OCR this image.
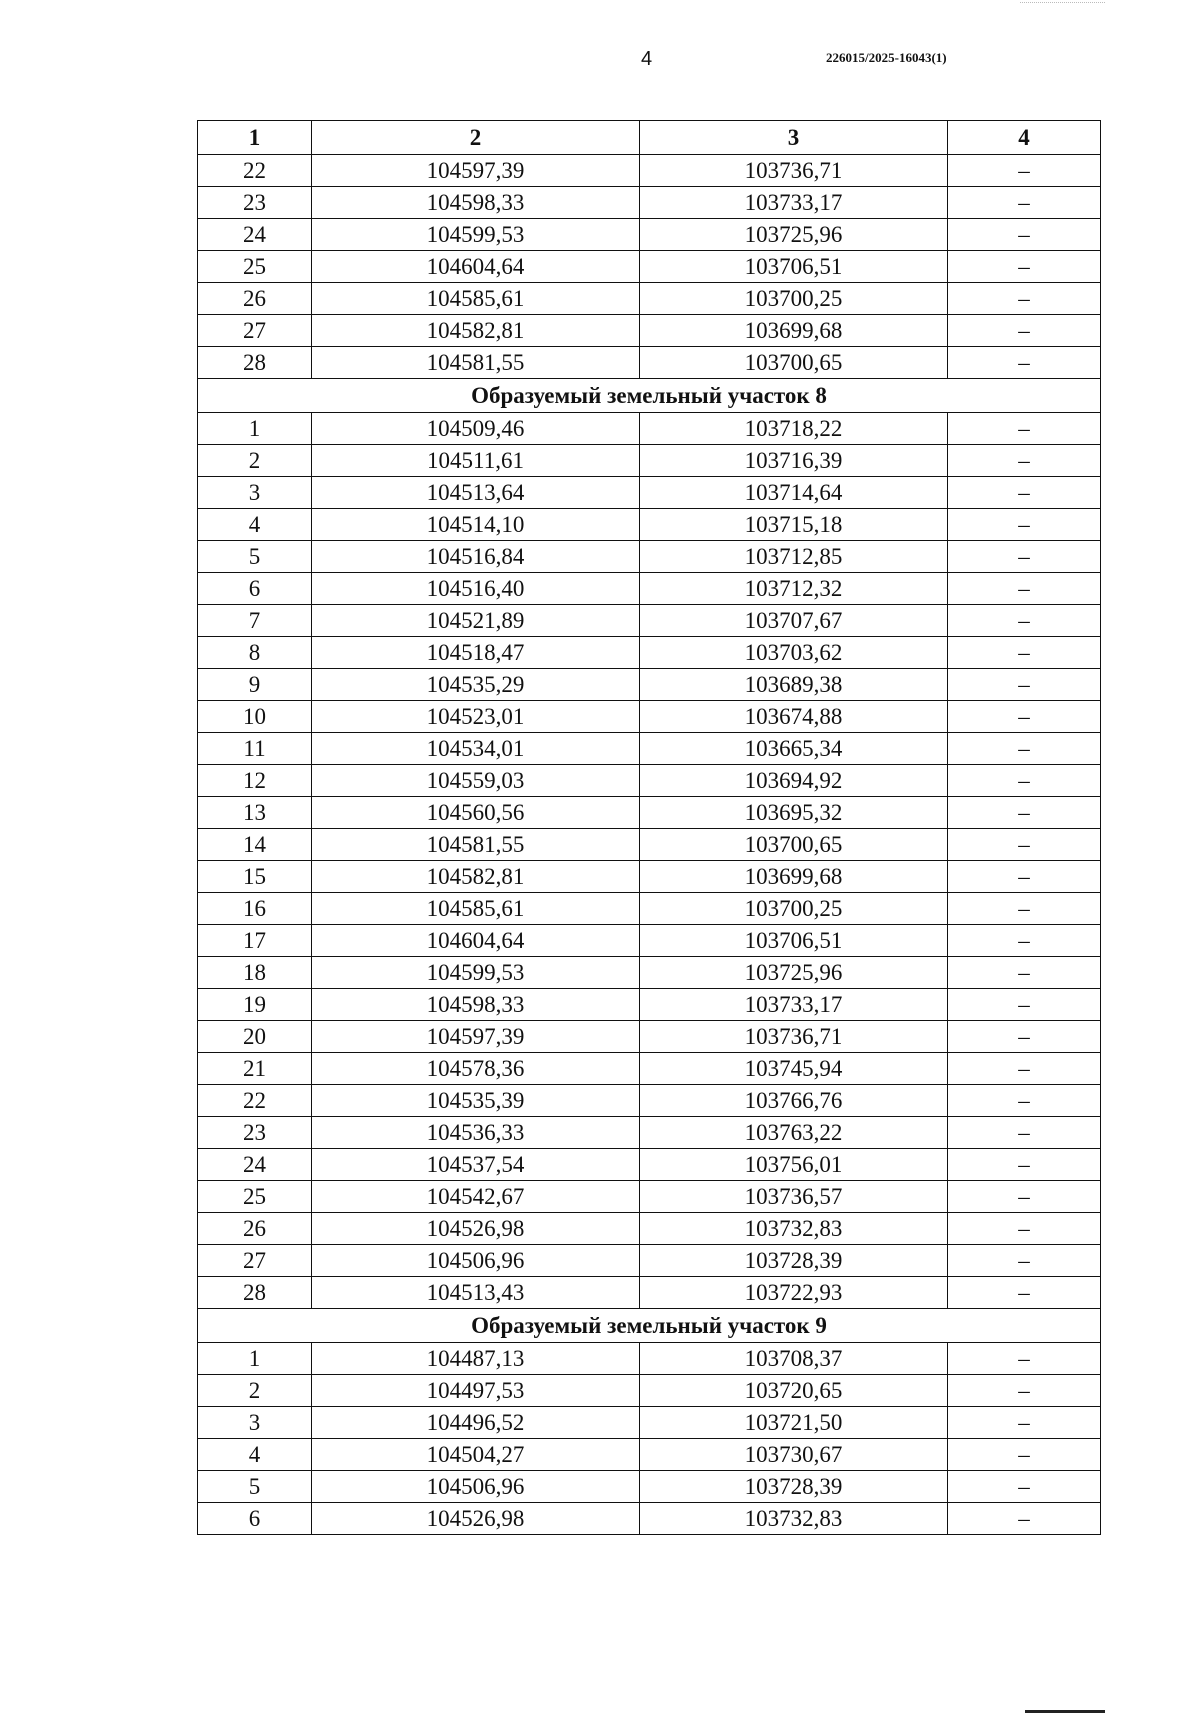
4	226015/2025-16043(1)
1	2	3	4
22	104597,39	103736,71	–
23	104598,33	103733,17	–
24	104599,53	103725,96	–
25	104604,64	103706,51	–
26	104585,61	103700,25	–
27	104582,81	103699,68	–
28	104581,55	103700,65	–
Образуемый земельный участок 8			
1	104509,46	103718,22	–
2	104511,61	103716,39	–
3	104513,64	103714,64	–
4	104514,10	103715,18	–
5	104516,84	103712,85	–
6	104516,40	103712,32	–
7	104521,89	103707,67	–
8	104518,47	103703,62	–
9	104535,29	103689,38	–
10	104523,01	103674,88	–
11	104534,01	103665,34	–
12	104559,03	103694,92	–
13	104560,56	103695,32	–
14	104581,55	103700,65	–
15	104582,81	103699,68	–
16	104585,61	103700,25	–
17	104604,64	103706,51	–
18	104599,53	103725,96	–
19	104598,33	103733,17	–
20	104597,39	103736,71	–
21	104578,36	103745,94	–
22	104535,39	103766,76	–
23	104536,33	103763,22	–
24	104537,54	103756,01	–
25	104542,67	103736,57	–
26	104526,98	103732,83	–
27	104506,96	103728,39	–
28	104513,43	103722,93	–
Образуемый земельный участок 9			
1	104487,13	103708,37	–
2	104497,53	103720,65	–
3	104496,52	103721,50	–
4	104504,27	103730,67	–
5	104506,96	103728,39	–
6	104526,98	103732,83	–
